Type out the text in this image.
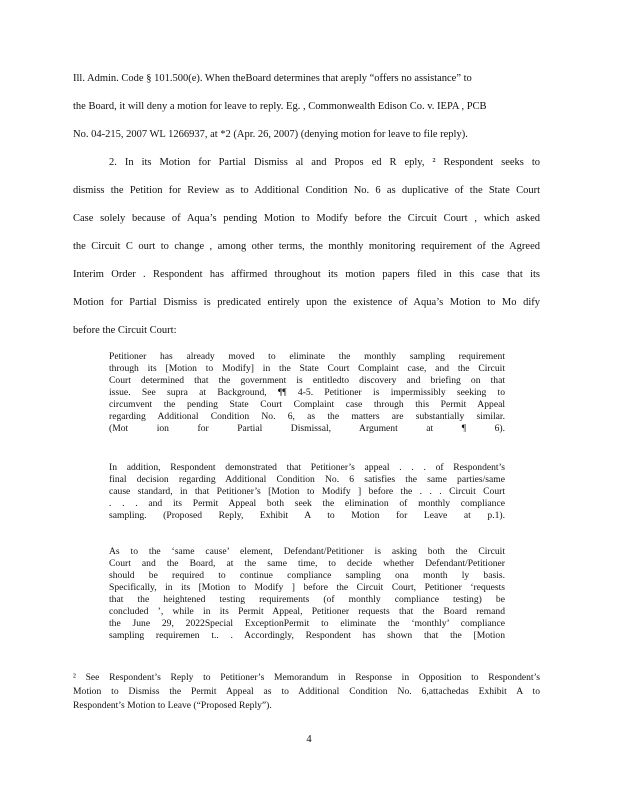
Ill. Admin. Code § 101.500(e). When theBoard determines that areply “offers no assistance” to
the Board, it will deny a motion for leave to reply. Eg. , Commonwealth Edison Co. v. IEPA , PCB
No. 04-215, 2007 WL 1266937, at *2 (Apr. 26, 2007) (denying motion for leave to file reply).
2. In its Motion for Partial Dismiss al and Propos ed R eply, ² Respondent seeks to
dismiss the Petition for Review as to Additional Condition No. 6 as duplicative of the State Court
Case solely because of Aqua’s pending Motion to Modify before the Circuit Court , which asked
the Circuit C ourt to change , among other terms, the monthly monitoring requirement of the Agreed
Interim Order . Respondent has affirmed throughout its motion papers filed in this case that its
Motion for Partial Dismiss is predicated entirely upon the existence of Aqua’s Motion to Mo dify
before the Circuit Court:
Petitioner has already moved to eliminate the monthly sampling requirement
through its [Motion to Modify] in the State Court Complaint case, and the Circuit
Court determined that the government is entitledto discovery and briefing on that
issue. See supra at Background, ¶¶ 4-5. Petitioner is impermissibly seeking to
circumvent the pending State Court Complaint case through this Permit Appeal
regarding Additional Condition No. 6, as the matters are substantially similar.
(Mot ion for Partial Dismissal, Argument at ¶ 6).
In addition, Respondent demonstrated that Petitioner’s appeal . . . of Respondent’s
final decision regarding Additional Condition No. 6 satisfies the same parties/same
cause standard, in that Petitioner’s [Motion to Modify ] before the . . . Circuit Court
. . . and its Permit Appeal both seek the elimination of monthly compliance
sampling. (Proposed Reply, Exhibit A to Motion for Leave at p.1).
As to the ‘same cause’ element, Defendant/Petitioner is asking both the Circuit
Court and the Board, at the same time, to decide whether Defendant/Petitioner
should be required to continue compliance sampling ona month ly basis.
Specifically, in its [Motion to Modify ] before the Circuit Court, Petitioner ‘requests
that the heightened testing requirements (of monthly compliance testing) be
concluded ’, while in its Permit Appeal, Petitioner requests that the Board remand
the June 29, 2022Special ExceptionPermit to eliminate the ‘monthly’ compliance
sampling requiremen t.. . Accordingly, Respondent has shown that the [Motion
² See Respondent’s Reply to Petitioner’s Memorandum in Response in Opposition to Respondent’s
Motion to Dismiss the Permit Appeal as to Additional Condition No. 6,attachedas Exhibit A to
Respondent’s Motion to Leave (“Proposed Reply”).
4
